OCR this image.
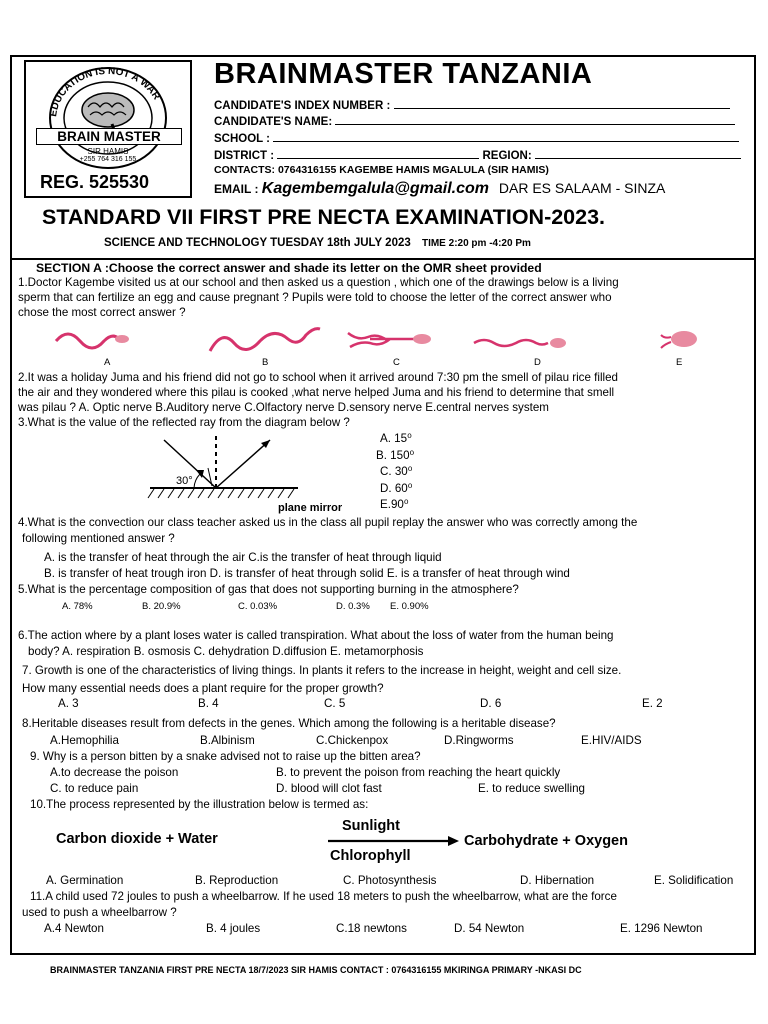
EDUCATION IS NOT A WAR
BRAIN MASTER
SIR HAMIS
+255 764 316 155
REG. 525530
BRAINMASTER TANZANIA
CANDIDATE'S INDEX NUMBER :
CANDIDATE'S NAME:
SCHOOL :
DISTRICT :	REGION:
CONTACTS: 0764316155 KAGEMBE HAMIS MGALULA (SIR HAMIS)
EMAIL : Kagembemgalula@gmail.com DAR ES SALAAM - SINZA
STANDARD VII FIRST PRE NECTA EXAMINATION-2023.
SCIENCE AND TECHNOLOGY TUESDAY 18th JULY 2023 TIME 2:20 pm -4:20 Pm
SECTION A :Choose the correct answer and shade its letter on the OMR sheet provided
1.Doctor Kagembe visited us at our school and then asked us a question , which one of the drawings below is a living
sperm that can fertilize an egg and cause pregnant ? Pupils were told to choose the letter of the correct answer who
chose the most correct answer ?
A	B	C	D	E
2.It was a holiday Juma and his friend did not go to school when it arrived around 7:30 pm the smell of pilau rice filled
the air and they wondered where this pilau is cooked ,what nerve helped Juma and his friend to determine that smell
was pilau ? A. Optic nerve B.Auditory nerve C.Olfactory nerve D.sensory nerve E.central nerves system
3.What is the value of the reflected ray from the diagram below ?
30°
plane mirror
A. 15⁰
B. 150⁰
C. 30⁰
D. 60⁰
E.90⁰
4.What is the convection our class teacher asked us in the class all pupil replay the answer who was correctly among the
following mentioned answer ?
A. is the transfer of heat through the air C.is the transfer of heat through liquid
B. is transfer of heat trough iron D. is transfer of heat through solid E. is a transfer of heat through wind
5.What is the percentage composition of gas that does not supporting burning in the atmosphere?
A. 78%	B. 20.9%	C. 0.03%	D. 0.3% E. 0.90%
6.The action where by a plant loses water is called transpiration. What about the loss of water from the human being
body? A. respiration B. osmosis C. dehydration D.diffusion E. metamorphosis
7. Growth is one of the characteristics of living things. In plants it refers to the increase in height, weight and cell size.
How many essential needs does a plant require for the proper growth?
A. 3	B. 4	C. 5	D. 6	E. 2
8.Heritable diseases result from defects in the genes. Which among the following is a heritable disease?
A.Hemophilia	B.Albinism	C.Chickenpox	D.Ringworms	E.HIV/AIDS
9. Why is a person bitten by a snake advised not to raise up the bitten area?
A.to decrease the poison	B. to prevent the poison from reaching the heart quickly
C. to reduce pain	D. blood will clot fast	E. to reduce swelling
10.The process represented by the illustration below is termed as:
Carbon dioxide + Water
Sunlight
Chlorophyll
Carbohydrate + Oxygen
A. Germination	B. Reproduction	C. Photosynthesis	D. Hibernation	E. Solidification
11.A child used 72 joules to push a wheelbarrow. If he used 18 meters to push the wheelbarrow, what are the force
used to push a wheelbarrow ?
A.4 Newton	B. 4 joules	C.18 newtons	D. 54 Newton	E. 1296 Newton
BRAINMASTER TANZANIA FIRST PRE NECTA 18/7/2023 SIR HAMIS CONTACT : 0764316155 MKIRINGA PRIMARY -NKASI DC
